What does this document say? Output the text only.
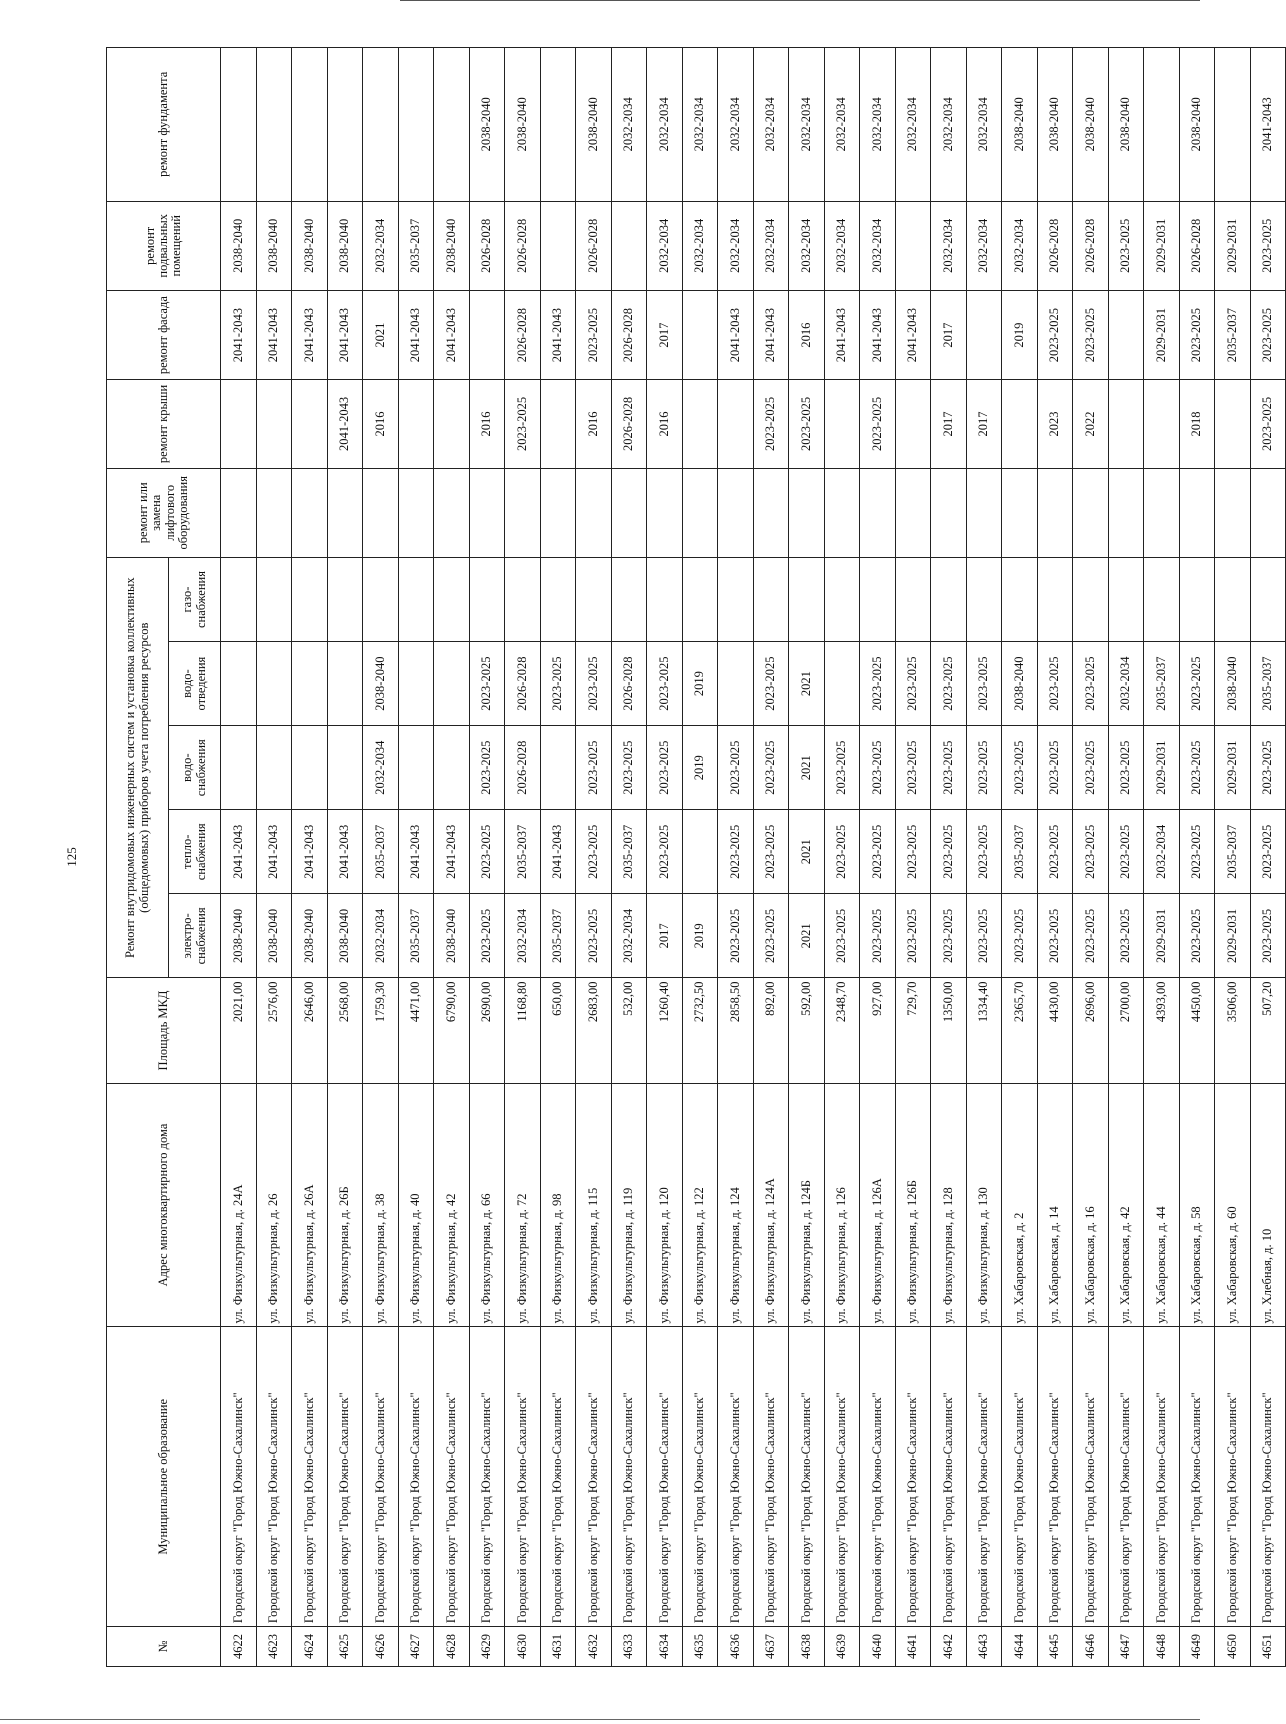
125
№	Муниципальное образование	Адрес многоквартирного дома	Площадь МКД	Ремонт внутридомовых инженерных систем и установка коллективных (общедомовых) приборов учета потребления ресурсов					ремонт или замена лифтового оборудования	ремонт крыши	ремонт фасада	ремонт подвальных помещений	ремонт фундамента
				электро-снабжения	тепло-снабжения	водо-снабжения	водо-отведения	газо-снабжения					
4622	Городской округ "Город Южно-Сахалинск"	ул. Физкультурная, д. 24А	2021,00	2038-2040	2041-2043						2041-2043	2038-2040	
4623	Городской округ "Город Южно-Сахалинск"	ул. Физкультурная, д. 26	2576,00	2038-2040	2041-2043						2041-2043	2038-2040	
4624	Городской округ "Город Южно-Сахалинск"	ул. Физкультурная, д. 26А	2646,00	2038-2040	2041-2043						2041-2043	2038-2040	
4625	Городской округ "Город Южно-Сахалинск"	ул. Физкультурная, д. 26Б	2568,00	2038-2040	2041-2043					2041-2043	2041-2043	2038-2040	
4626	Городской округ "Город Южно-Сахалинск"	ул. Физкультурная, д. 38	1759,30	2032-2034	2035-2037	2032-2034	2038-2040			2016	2021	2032-2034	
4627	Городской округ "Город Южно-Сахалинск"	ул. Физкультурная, д. 40	4471,00	2035-2037	2041-2043						2041-2043	2035-2037	
4628	Городской округ "Город Южно-Сахалинск"	ул. Физкультурная, д. 42	6790,00	2038-2040	2041-2043						2041-2043	2038-2040	
4629	Городской округ "Город Южно-Сахалинск"	ул. Физкультурная, д. 66	2690,00	2023-2025	2023-2025	2023-2025	2023-2025			2016		2026-2028	2038-2040
4630	Городской округ "Город Южно-Сахалинск"	ул. Физкультурная, д. 72	1168,80	2032-2034	2035-2037	2026-2028	2026-2028			2023-2025	2026-2028	2026-2028	2038-2040
4631	Городской округ "Город Южно-Сахалинск"	ул. Физкультурная, д. 98	650,00	2035-2037	2041-2043		2023-2025				2041-2043		
4632	Городской округ "Город Южно-Сахалинск"	ул. Физкультурная, д. 115	2683,00	2023-2025	2023-2025	2023-2025	2023-2025			2016	2023-2025	2026-2028	2038-2040
4633	Городской округ "Город Южно-Сахалинск"	ул. Физкультурная, д. 119	532,00	2032-2034	2035-2037	2023-2025	2026-2028			2026-2028	2026-2028		2032-2034
4634	Городской округ "Город Южно-Сахалинск"	ул. Физкультурная, д. 120	1260,40	2017	2023-2025	2023-2025	2023-2025			2016	2017	2032-2034	2032-2034
4635	Городской округ "Город Южно-Сахалинск"	ул. Физкультурная, д. 122	2732,50	2019		2019	2019					2032-2034	2032-2034
4636	Городской округ "Город Южно-Сахалинск"	ул. Физкультурная, д. 124	2858,50	2023-2025	2023-2025	2023-2025					2041-2043	2032-2034	2032-2034
4637	Городской округ "Город Южно-Сахалинск"	ул. Физкультурная, д. 124А	892,00	2023-2025	2023-2025	2023-2025	2023-2025			2023-2025	2041-2043	2032-2034	2032-2034
4638	Городской округ "Город Южно-Сахалинск"	ул. Физкультурная, д. 124Б	592,00	2021	2021	2021	2021			2023-2025	2016	2032-2034	2032-2034
4639	Городской округ "Город Южно-Сахалинск"	ул. Физкультурная, д. 126	2348,70	2023-2025	2023-2025	2023-2025					2041-2043	2032-2034	2032-2034
4640	Городской округ "Город Южно-Сахалинск"	ул. Физкультурная, д. 126А	927,00	2023-2025	2023-2025	2023-2025	2023-2025			2023-2025	2041-2043	2032-2034	2032-2034
4641	Городской округ "Город Южно-Сахалинск"	ул. Физкультурная, д. 126Б	729,70	2023-2025	2023-2025	2023-2025	2023-2025				2041-2043		2032-2034
4642	Городской округ "Город Южно-Сахалинск"	ул. Физкультурная, д. 128	1350,00	2023-2025	2023-2025	2023-2025	2023-2025			2017	2017	2032-2034	2032-2034
4643	Городской округ "Город Южно-Сахалинск"	ул. Физкультурная, д. 130	1334,40	2023-2025	2023-2025	2023-2025	2023-2025			2017		2032-2034	2032-2034
4644	Городской округ "Город Южно-Сахалинск"	ул. Хабаровская, д. 2	2365,70	2023-2025	2035-2037	2023-2025	2038-2040				2019	2032-2034	2038-2040
4645	Городской округ "Город Южно-Сахалинск"	ул. Хабаровская, д. 14	4430,00	2023-2025	2023-2025	2023-2025	2023-2025			2023	2023-2025	2026-2028	2038-2040
4646	Городской округ "Город Южно-Сахалинск"	ул. Хабаровская, д. 16	2696,00	2023-2025	2023-2025	2023-2025	2023-2025			2022	2023-2025	2026-2028	2038-2040
4647	Городской округ "Город Южно-Сахалинск"	ул. Хабаровская, д. 42	2700,00	2023-2025	2023-2025	2023-2025	2032-2034					2023-2025	2038-2040
4648	Городской округ "Город Южно-Сахалинск"	ул. Хабаровская, д. 44	4393,00	2029-2031	2032-2034	2029-2031	2035-2037				2029-2031	2029-2031	
4649	Городской округ "Город Южно-Сахалинск"	ул. Хабаровская, д. 58	4450,00	2023-2025	2023-2025	2023-2025	2023-2025			2018	2023-2025	2026-2028	2038-2040
4650	Городской округ "Город Южно-Сахалинск"	ул. Хабаровская, д. 60	3506,00	2029-2031	2035-2037	2029-2031	2038-2040				2035-2037	2029-2031	
4651	Городской округ "Город Южно-Сахалинск"	ул. Хлебная, д. 10	507,20	2023-2025	2023-2025	2023-2025	2035-2037			2023-2025	2023-2025	2023-2025	2041-2043
